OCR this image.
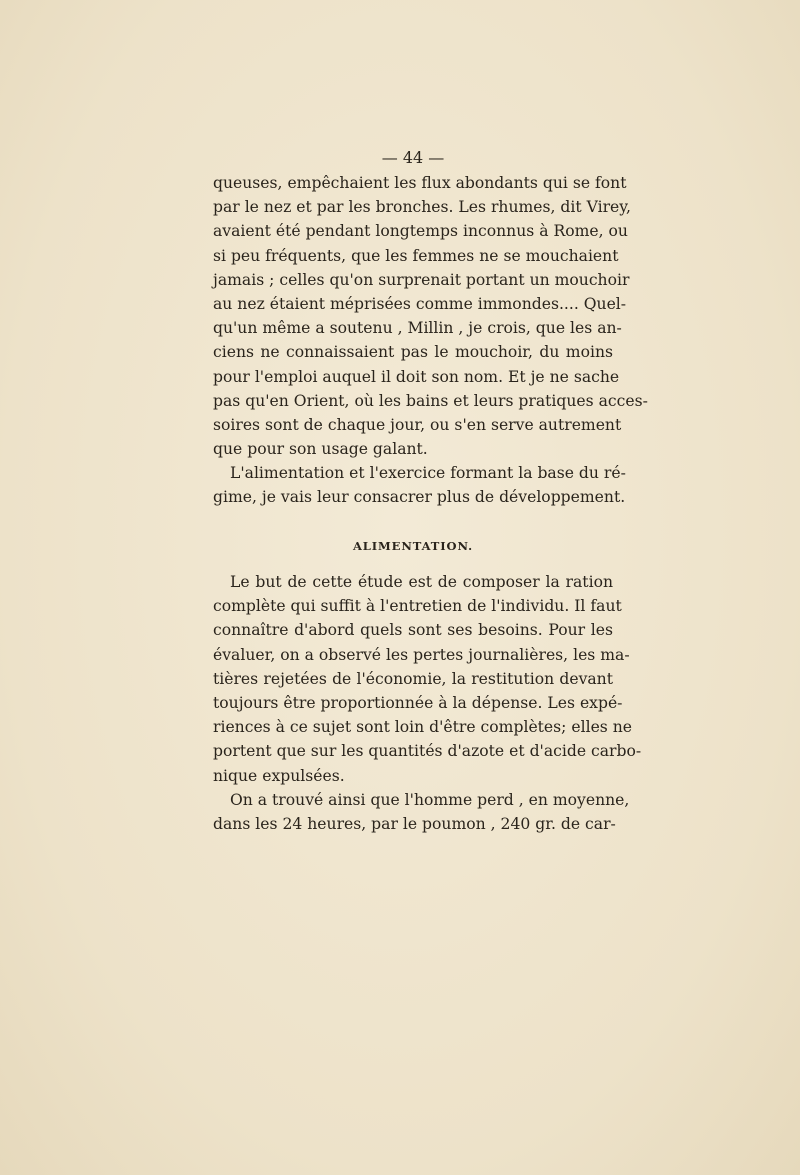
— 44 —
queuses, empêchaient les flux abondants qui se font
par le nez et par les bronches. Les rhumes, dit Virey,
avaient été pendant longtemps inconnus à Rome, ou
si peu fréquents, que les femmes ne se mouchaient
jamais ; celles qu'on surprenait portant un mouchoir
au nez étaient méprisées comme immondes.... Quel-
qu'un même a soutenu , Millin , je crois, que les an-
ciens ne connaissaient pas le mouchoir, du moins
pour l'emploi auquel il doit son nom. Et je ne sache
pas qu'en Orient, où les bains et leurs pratiques acces-
soires sont de chaque jour, ou s'en serve autrement
que pour son usage galant.
L'alimentation et l'exercice formant la base du ré-
gime, je vais leur consacrer plus de développement.
ALIMENTATION.
Le but de cette étude est de composer la ration
complète qui suffit à l'entretien de l'individu. Il faut
connaître d'abord quels sont ses besoins. Pour les
évaluer, on a observé les pertes journalières, les ma-
tières rejetées de l'économie, la restitution devant
toujours être proportionnée à la dépense. Les expé-
riences à ce sujet sont loin d'être complètes; elles ne
portent que sur les quantités d'azote et d'acide carbo-
nique expulsées.
On a trouvé ainsi que l'homme perd , en moyenne,
dans les 24 heures, par le poumon , 240 gr. de car-
